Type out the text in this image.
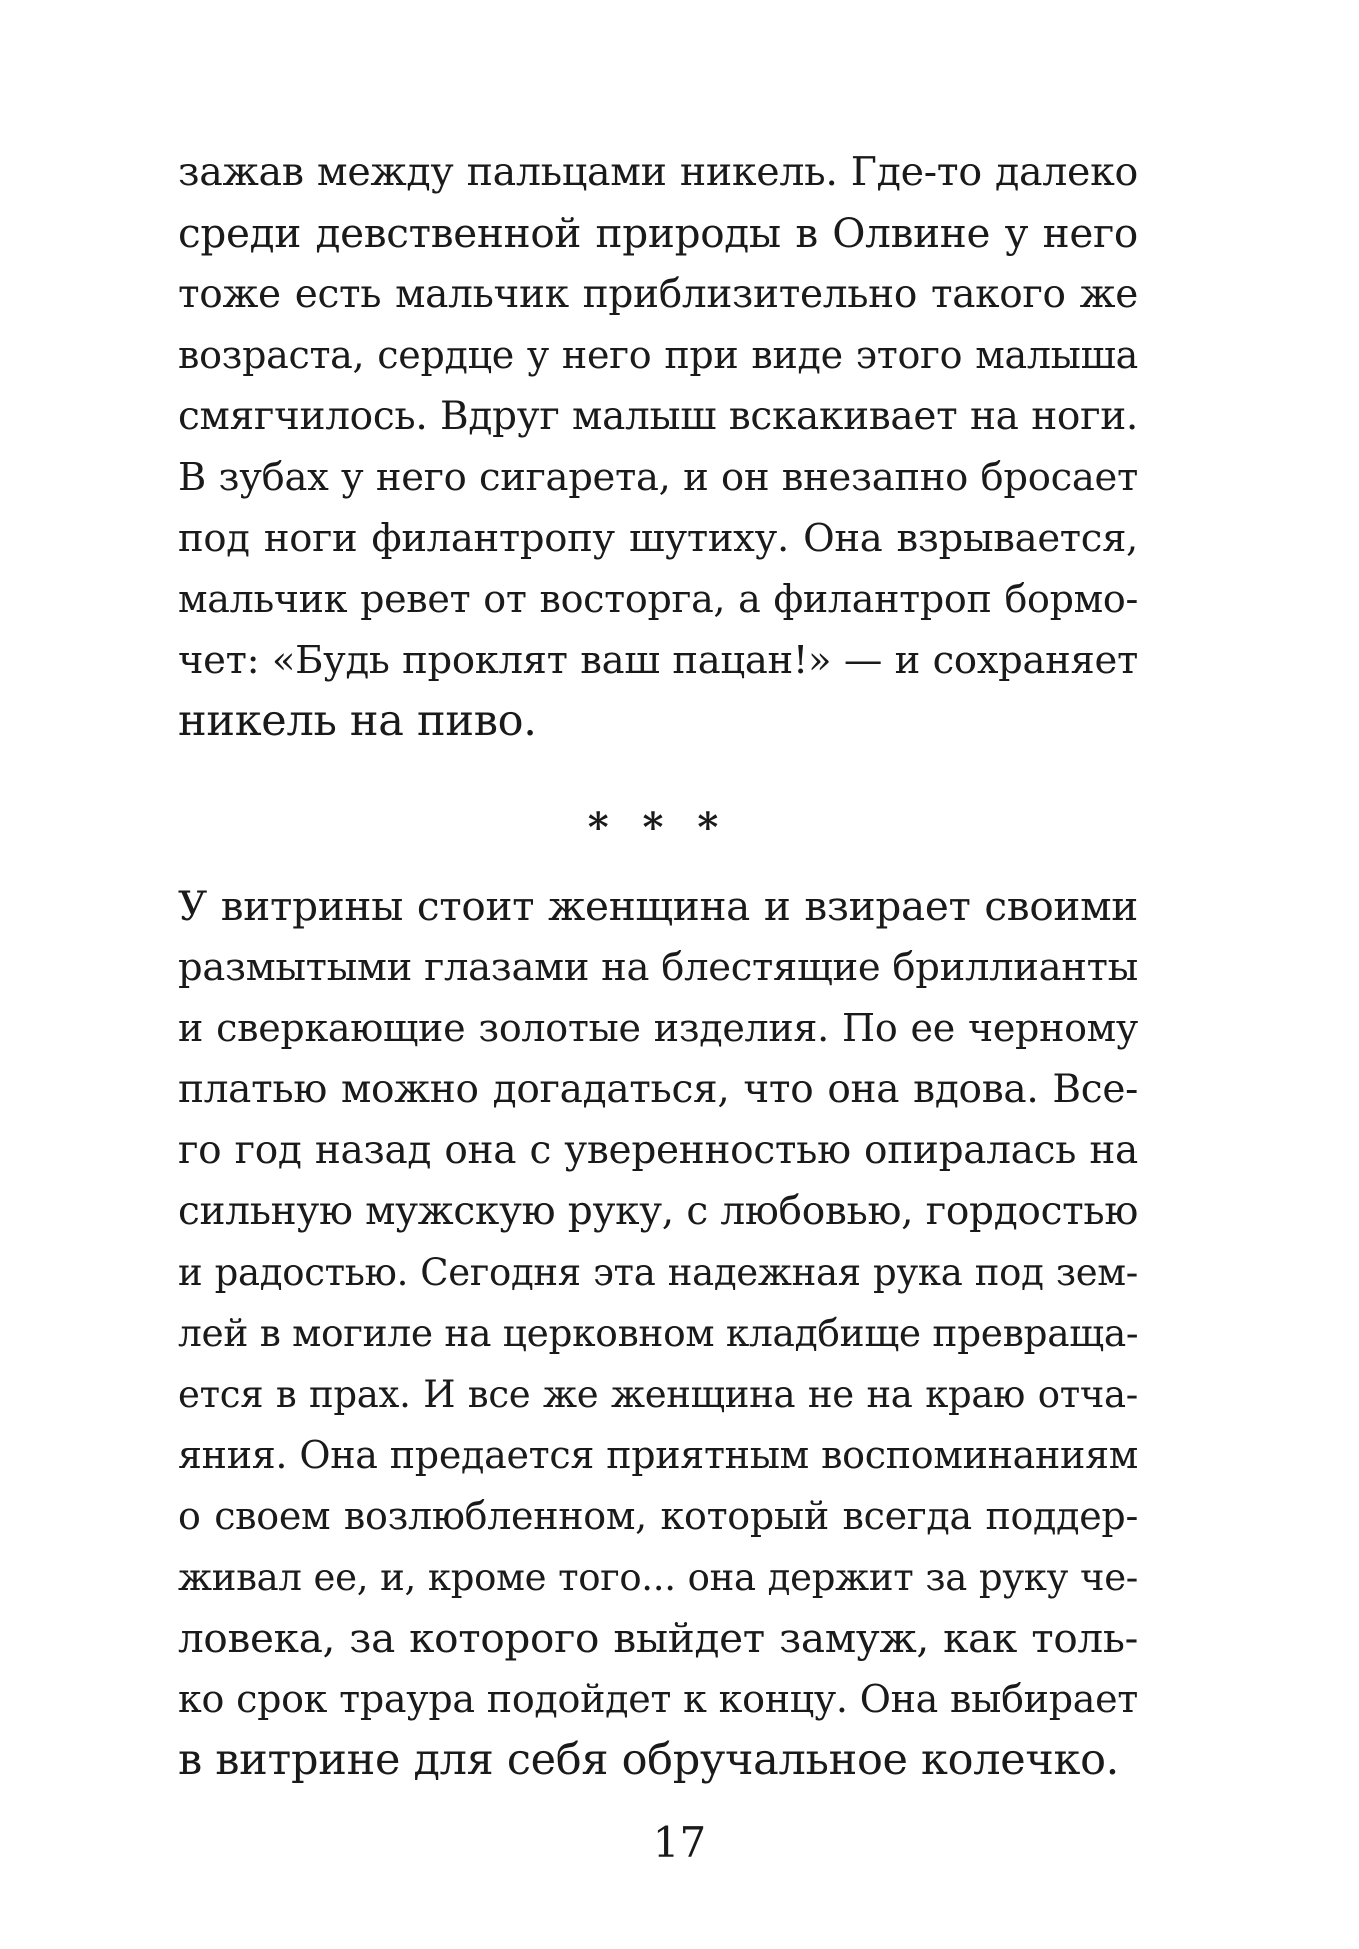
зажав между пальцами никель. Где-то далеко
среди девственной природы в Олвине у него
тоже есть мальчик приблизительно такого же
возраста, сердце у него при виде этого малыша
смягчилось. Вдруг малыш вскакивает на ноги.
В зубах у него сигарета, и он внезапно бросает
под ноги филантропу шутиху. Она взрывается,
мальчик ревет от восторга, а филантроп бормо-
чет: «Будь проклят ваш пацан!» — и сохраняет
никель на пиво.
* * *
У витрины стоит женщина и взирает своими
размытыми глазами на блестящие бриллианты
и сверкающие золотые изделия. По ее черному
платью можно догадаться, что она вдова. Все-
го год назад она с уверенностью опиралась на
сильную мужскую руку, с любовью, гордостью
и радостью. Сегодня эта надежная рука под зем-
лей в могиле на церковном кладбище превраща-
ется в прах. И все же женщина не на краю отча-
яния. Она предается приятным воспоминаниям
о своем возлюбленном, который всегда поддер-
живал ее, и, кроме того... она держит за руку че-
ловека, за которого выйдет замуж, как толь-
ко срок траура подойдет к концу. Она выбирает
в витрине для себя обручальное колечко.
17
